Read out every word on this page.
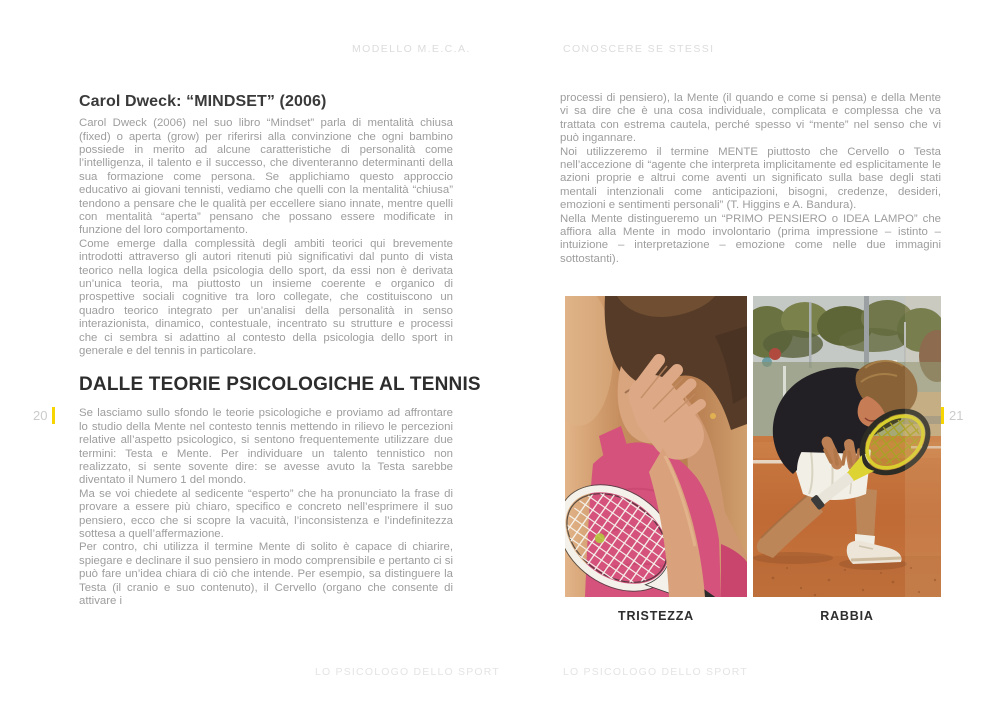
MODELLO M.E.C.A.	CONOSCERE SE STESSI
Carol Dweck: “MINDSET” (2006)

Carol Dweck (2006) nel suo libro “Mindset” parla di mentalità chiusa (fixed) o aperta (grow) per riferirsi alla convinzione che ogni bambino possiede in merito ad alcune caratteristiche di personalità come l’intelligenza, il talento e il successo, che diventeranno determinanti della sua formazione come persona. Se applichiamo questo approccio educativo ai giovani tennisti, vediamo che quelli con la mentalità “chiusa” tendono a pensare che le qualità per eccellere siano innate, mentre quelli con mentalità “aperta” pensano che possano essere modificate in funzione del loro comportamento.

Come emerge dalla complessità degli ambiti teorici qui brevemente introdotti attraverso gli autori ritenuti più significativi dal punto di vista teorico nella logica della psicologia dello sport, da essi non è derivata un’unica teoria, ma piuttosto un insieme coerente e organico di prospettive sociali cognitive tra loro collegate, che costituiscono un quadro teorico integrato per un’analisi della personalità in senso interazionista, dinamico, contestuale, incentrato su strutture e processi che ci sembra si adattino al contesto della psicologia dello sport in generale e del tennis in particolare.

DALLE TEORIE PSICOLOGICHE AL TENNIS

Se lasciamo sullo sfondo le teorie psicologiche e proviamo ad affrontare lo studio della Mente nel contesto tennis mettendo in rilievo le percezioni relative all’aspetto psicologico, si sentono frequentemente utilizzare due termini: Testa e Mente. Per individuare un talento tennistico non realizzato, si sente sovente dire: se avesse avuto la Testa sarebbe diventato il Numero 1 del mondo.

Ma se voi chiedete al sedicente “esperto” che ha pronunciato la frase di provare a essere più chiaro, specifico e concreto nell’esprimere il suo pensiero, ecco che si scopre la vacuità, l’inconsistenza e l’indefinitezza sottesa a quell’affermazione.

Per contro, chi utilizza il termine Mente di solito è capace di chiarire, spiegare e declinare il suo pensiero in modo comprensibile e pertanto ci si può fare un’idea chiara di ciò che intende. Per esempio, sa distinguere la Testa (il cranio e suo contenuto), il Cervello (organo che consente di attivare i

processi di pensiero), la Mente (il quando e come si pensa) e della Mente vi sa dire che è una cosa individuale, complicata e complessa che va trattata con estrema cautela, perché spesso vi “mente” nel senso che vi può ingannare.

Noi utilizzeremo il termine MENTE piuttosto che Cervello o Testa nell’accezione di “agente che interpreta implicitamente ed esplicitamente le azioni proprie e altrui come aventi un significato sulla base degli stati mentali intenzionali come anticipazioni, bisogni, credenze, desideri, emozioni e sentimenti personali” (T. Higgins e A. Bandura).

Nella Mente distingueremo un “PRIMO PENSIERO o IDEA LAMPO” che affiora alla Mente in modo involontario (prima impressione – istinto – intuizione – interpretazione – emozione come nelle due immagini sottostanti).

20	21
TRISTEZZA	RABBIA
LO PSICOLOGO DELLO SPORT	LO PSICOLOGO DELLO SPORT
